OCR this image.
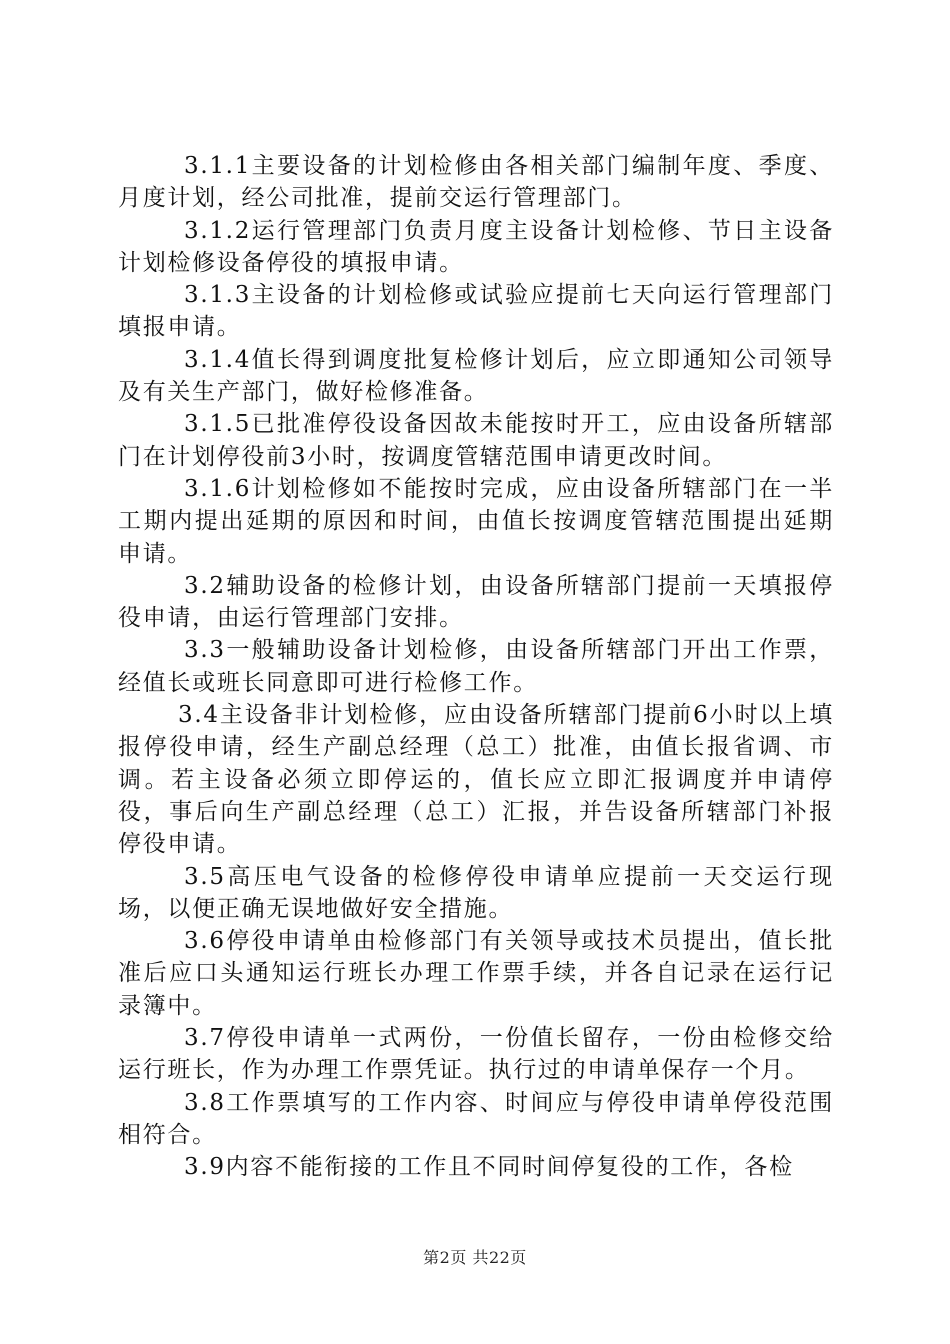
3.1.1主要设备的计划检修由各相关部门编制年度、季度、月度计划，经公司批准，提前交运行管理部门。

3.1.2运行管理部门负责月度主设备计划检修、节日主设备计划检修设备停役的填报申请。

3.1.3主设备的计划检修或试验应提前七天向运行管理部门填报申请。

3.1.4值长得到调度批复检修计划后，应立即通知公司领导及有关生产部门，做好检修准备。

3.1.5已批准停役设备因故未能按时开工，应由设备所辖部门在计划停役前3小时，按调度管辖范围申请更改时间。

3.1.6计划检修如不能按时完成，应由设备所辖部门在一半工期内提出延期的原因和时间，由值长按调度管辖范围提出延期申请。

3.2辅助设备的检修计划，由设备所辖部门提前一天填报停役申请，由运行管理部门安排。

3.3一般辅助设备计划检修，由设备所辖部门开出工作票，经值长或班长同意即可进行检修工作。

3.4主设备非计划检修，应由设备所辖部门提前6小时以上填报停役申请，经生产副总经理（总工）批准，由值长报省调、市调。若主设备必须立即停运的，值长应立即汇报调度并申请停役，事后向生产副总经理（总工）汇报，并告设备所辖部门补报停役申请。

3.5高压电气设备的检修停役申请单应提前一天交运行现场，以便正确无误地做好安全措施。

3.6停役申请单由检修部门有关领导或技术员提出，值长批准后应口头通知运行班长办理工作票手续，并各自记录在运行记录簿中。

3.7停役申请单一式两份，一份值长留存，一份由检修交给运行班长，作为办理工作票凭证。执行过的申请单保存一个月。

3.8工作票填写的工作内容、时间应与停役申请单停役范围相符合。

3.9内容不能衔接的工作且不同时间停复役的工作，各检

第2页 共22页
